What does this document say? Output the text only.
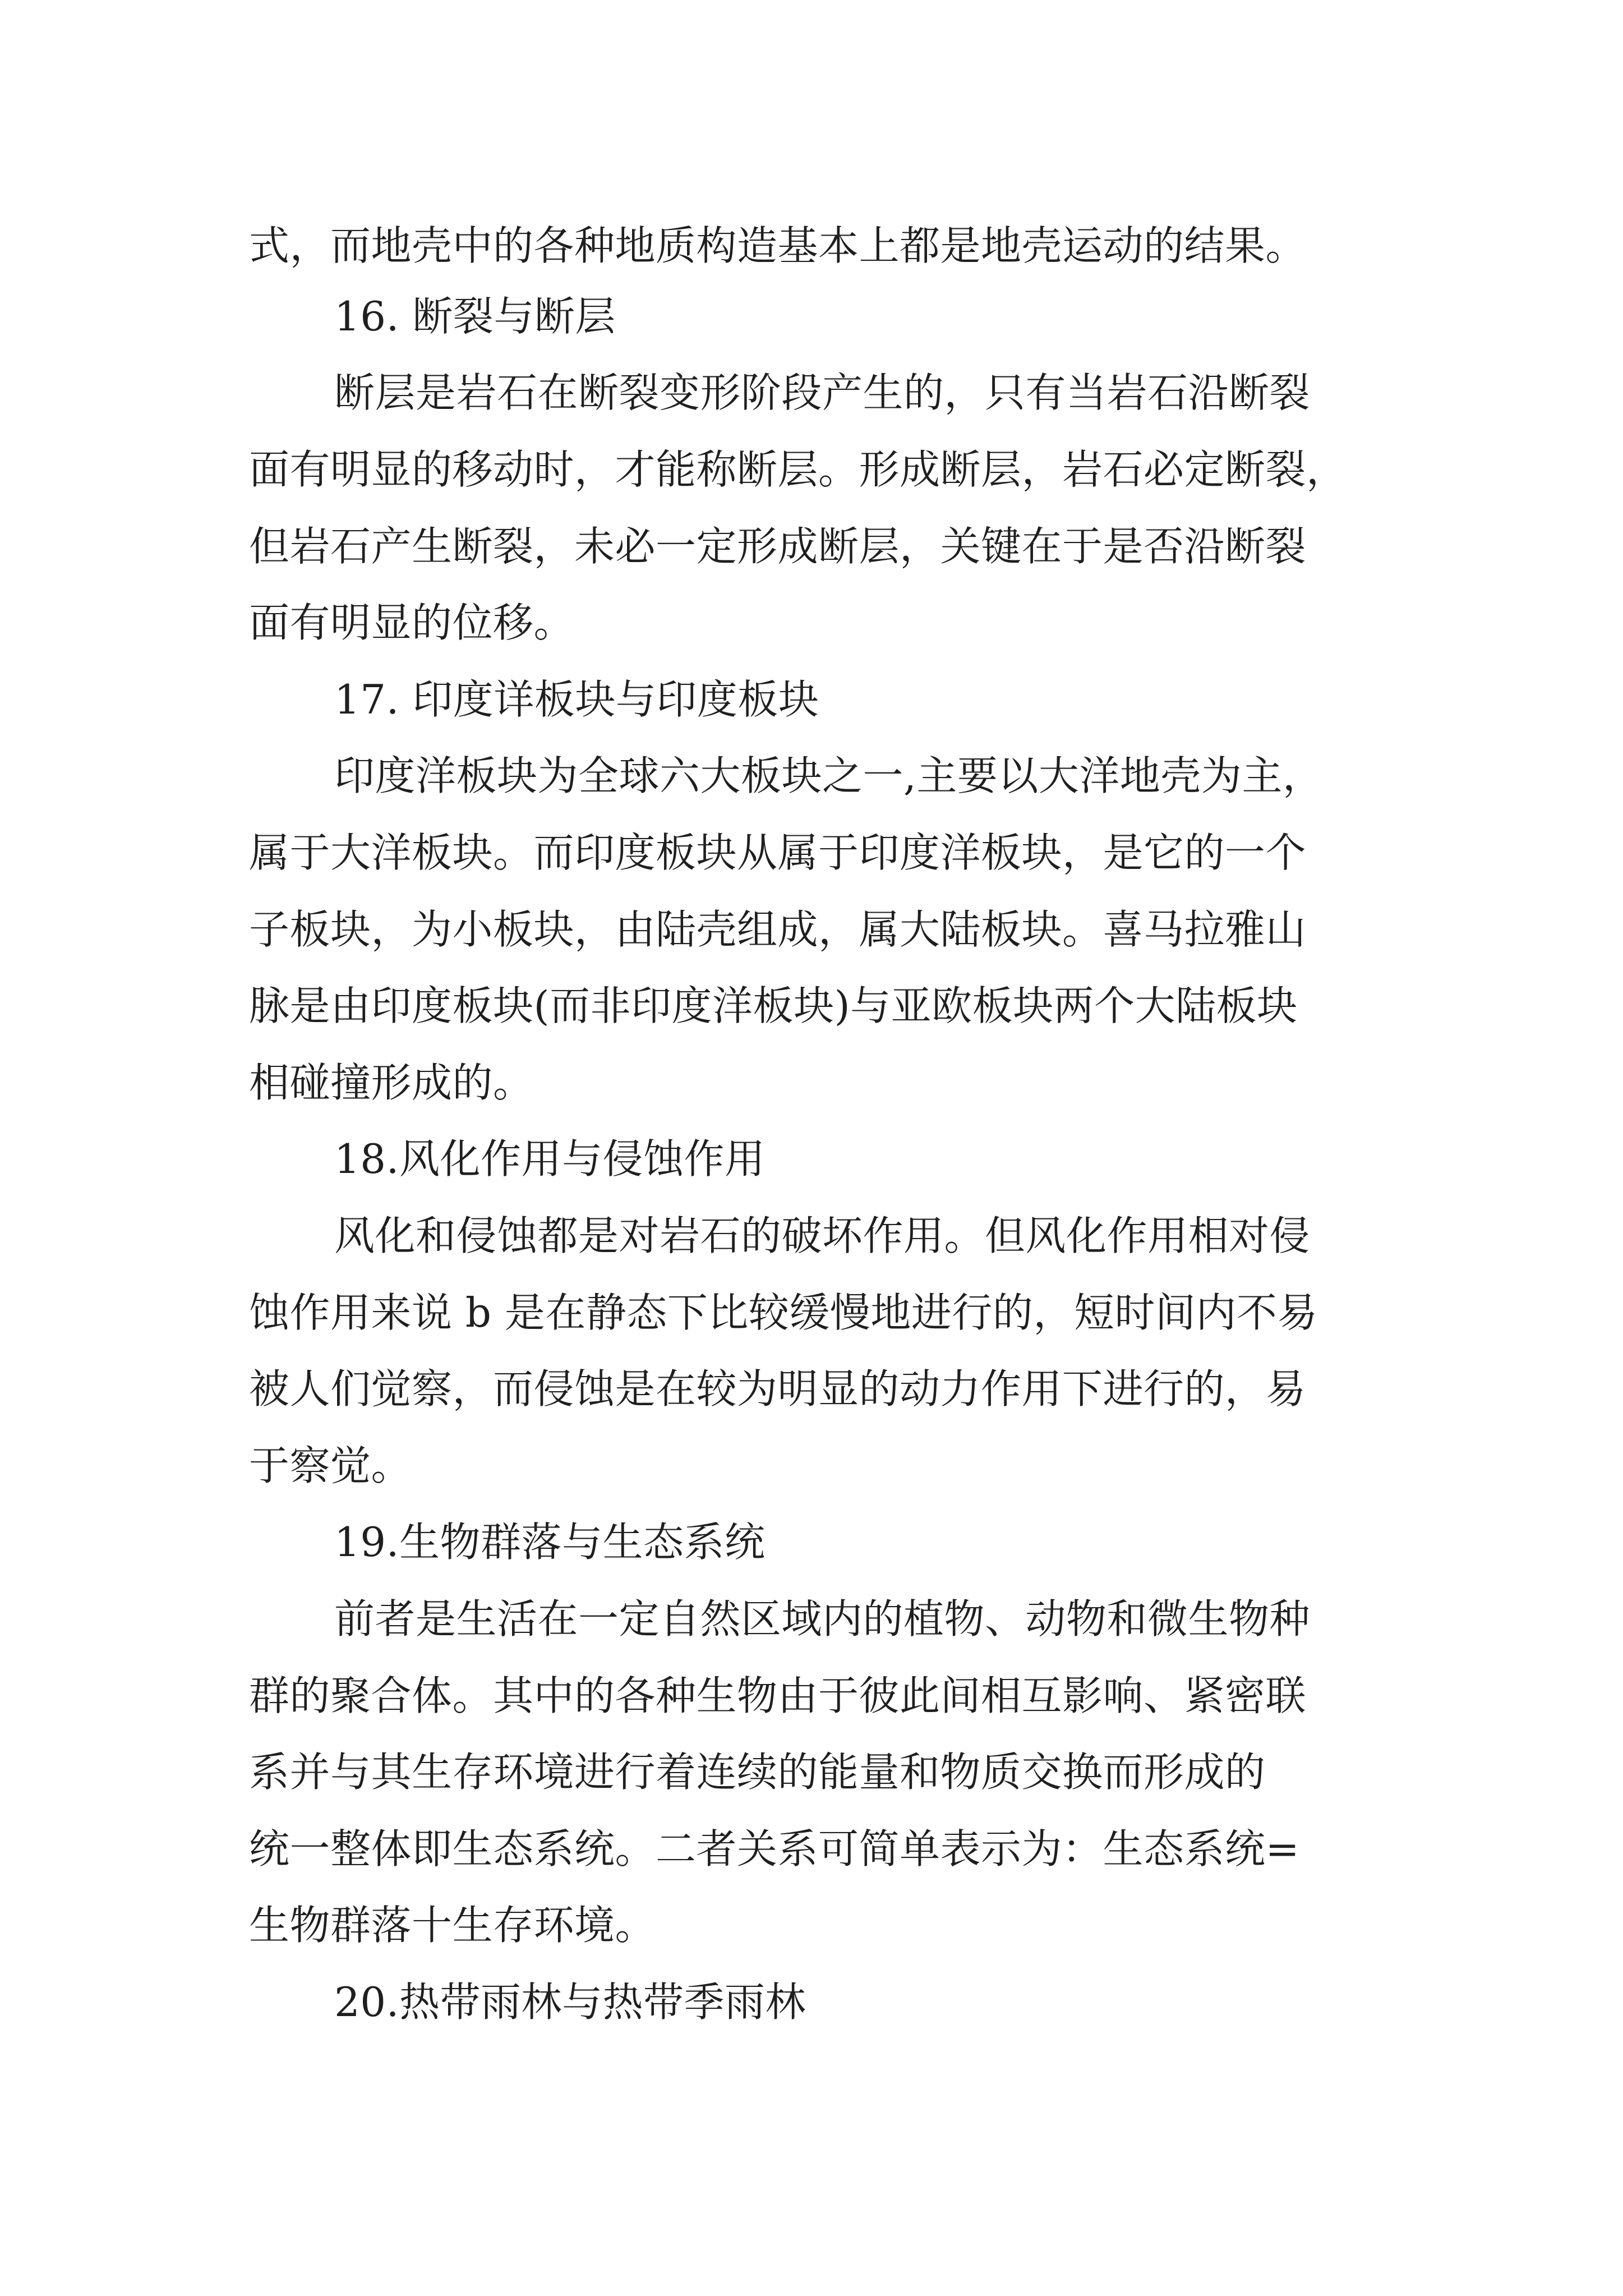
式，而地壳中的各种地质构造基本上都是地壳运动的结果。
16. 断裂与断层
断层是岩石在断裂变形阶段产生的，只有当岩石沿断裂
面有明显的移动时，才能称断层。形成断层，岩石必定断裂，
但岩石产生断裂，未必一定形成断层，关键在于是否沿断裂
面有明显的位移。
17. 印度详板块与印度板块
印度洋板块为全球六大板块之一,主要以大洋地壳为主，
属于大洋板块。而印度板块从属于印度洋板块，是它的一个
子板块，为小板块，由陆壳组成，属大陆板块。喜马拉雅山
脉是由印度板块(而非印度洋板块)与亚欧板块两个大陆板块
相碰撞形成的。
18.风化作用与侵蚀作用
风化和侵蚀都是对岩石的破坏作用。但风化作用相对侵
蚀作用来说 b 是在静态下比较缓慢地进行的，短时间内不易
被人们觉察，而侵蚀是在较为明显的动力作用下进行的，易
于察觉。
19.生物群落与生态系统
前者是生活在一定自然区域内的植物、动物和微生物种
群的聚合体。其中的各种生物由于彼此间相互影响、紧密联
系并与其生存环境进行着连续的能量和物质交换而形成的
统一整体即生态系统。二者关系可简单表示为：生态系统=
生物群落十生存环境。
20.热带雨林与热带季雨林
